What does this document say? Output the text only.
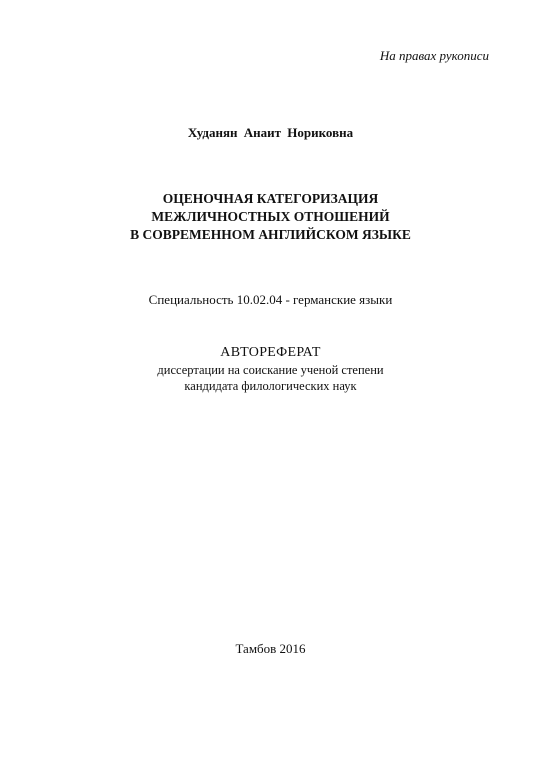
На правах рукописи
Худанян Анаит Нориковна
ОЦЕНОЧНАЯ КАТЕГОРИЗАЦИЯ
МЕЖЛИЧНОСТНЫХ ОТНОШЕНИЙ
В СОВРЕМЕННОМ АНГЛИЙСКОМ ЯЗЫКЕ
Специальность 10.02.04 - германские языки
АВТОРЕФЕРАТ
диссертации на соискание ученой степени
кандидата филологических наук
Тамбов 2016
